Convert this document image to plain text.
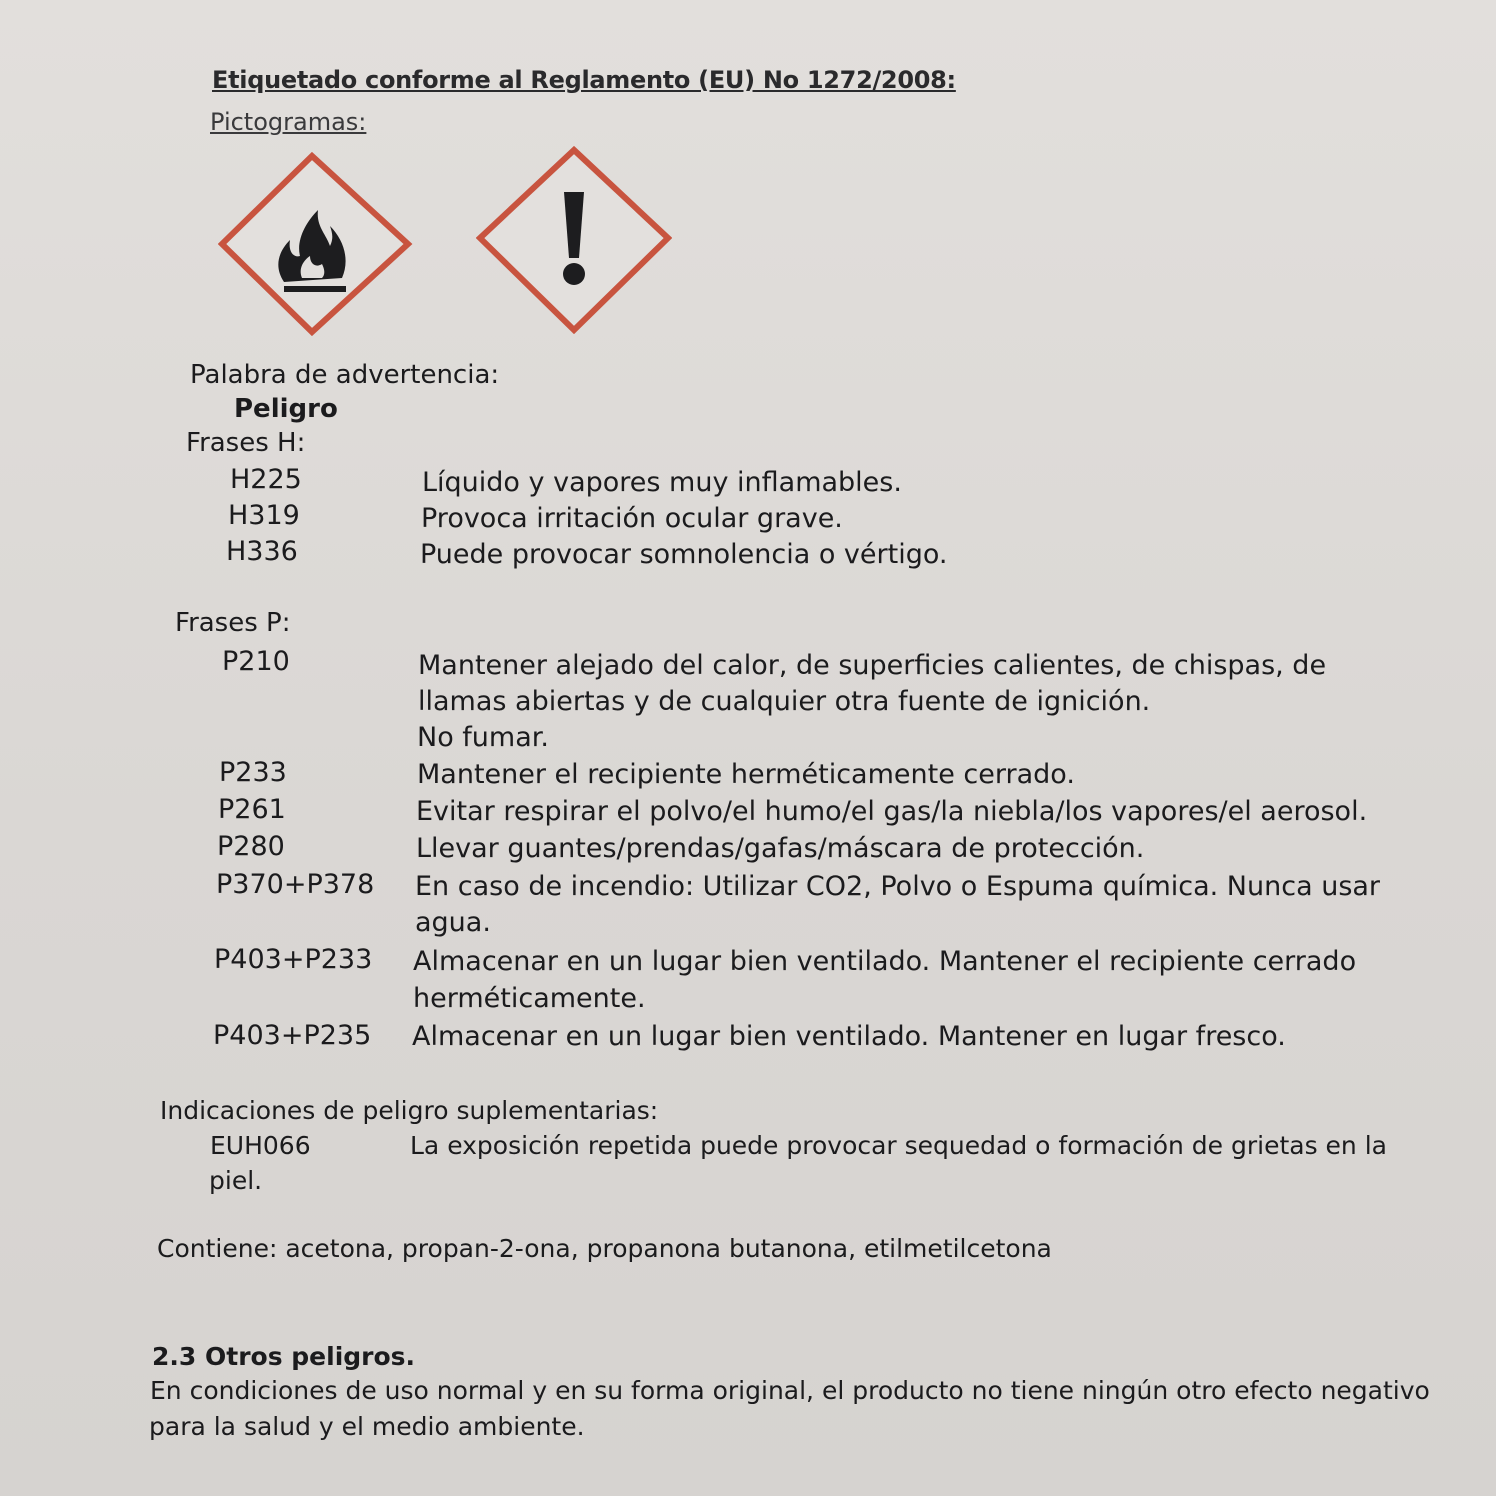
Etiquetado conforme al Reglamento (EU) No 1272/2008:
Pictogramas:
Palabra de advertencia:
Peligro
Frases H:
H225	Líquido y vapores muy inflamables.
H319	Provoca irritación ocular grave.
H336	Puede provocar somnolencia o vértigo.
Frases P:
P210	Mantener alejado del calor, de superficies calientes, de chispas, de
llamas abiertas y de cualquier otra fuente de ignición.
No fumar.
P233	Mantener el recipiente herméticamente cerrado.
P261	Evitar respirar el polvo/el humo/el gas/la niebla/los vapores/el aerosol.
P280	Llevar guantes/prendas/gafas/máscara de protección.
P370+P378 En caso de incendio: Utilizar CO2, Polvo o Espuma química. Nunca usar
agua.
P403+P233 Almacenar en un lugar bien ventilado. Mantener el recipiente cerrado
herméticamente.
P403+P235 Almacenar en un lugar bien ventilado. Mantener en lugar fresco.
Indicaciones de peligro suplementarias:
EUH066	La exposición repetida puede provocar sequedad o formación de grietas en la
piel.
Contiene: acetona, propan-2-ona, propanona butanona, etilmetilcetona
2.3 Otros peligros.
En condiciones de uso normal y en su forma original, el producto no tiene ningún otro efecto negativo
para la salud y el medio ambiente.
